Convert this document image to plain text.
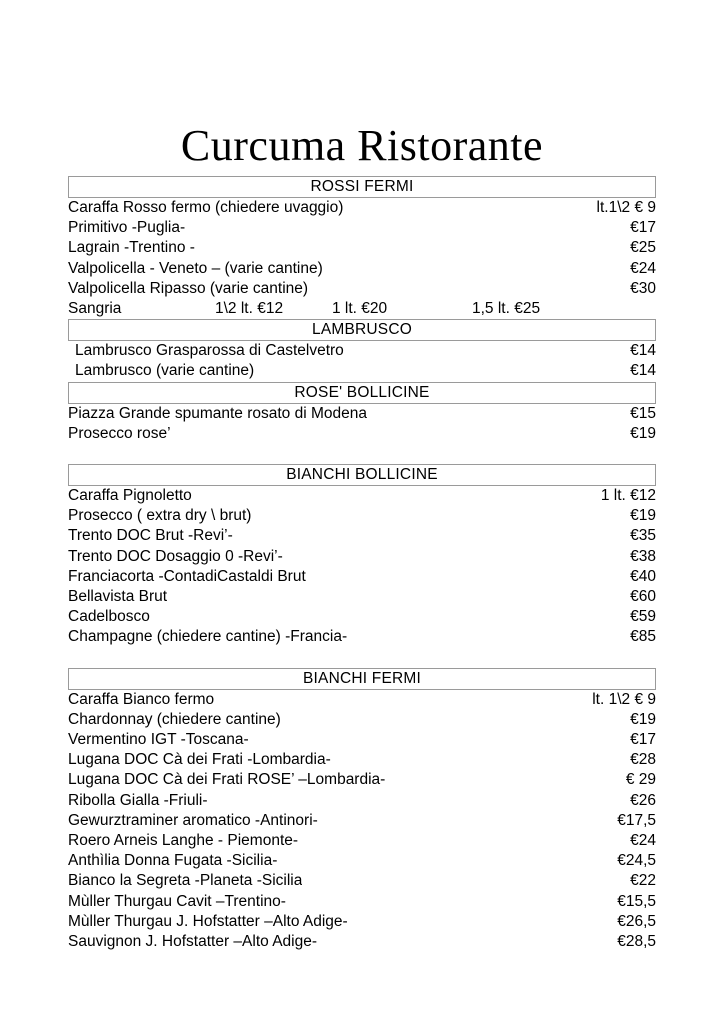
Curcuma Ristorante
ROSSI FERMI
Caraffa Rosso fermo (chiedere uvaggio)	lt.1\2 € 9
Primitivo -Puglia-	€17
Lagrain -Trentino -	€25
Valpolicella - Veneto – (varie cantine)	€24
Valpolicella Ripasso (varie cantine)	€30
Sangria	1\2 lt. €12	1 lt. €20	1,5 lt. €25
LAMBRUSCO
Lambrusco Grasparossa di Castelvetro	€14
Lambrusco (varie cantine)	€14
ROSE' BOLLICINE
Piazza Grande spumante rosato di Modena	€15
Prosecco rose’	€19
BIANCHI BOLLICINE
Caraffa Pignoletto	1 lt. €12
Prosecco ( extra dry \ brut)	€19
Trento DOC Brut -Revi’-	€35
Trento DOC Dosaggio 0 -Revi’-	€38
Franciacorta -ContadiCastaldi Brut	€40
Bellavista Brut	€60
Cadelbosco	€59
Champagne (chiedere cantine) -Francia-	€85
BIANCHI FERMI
Caraffa Bianco fermo	lt. 1\2 € 9
Chardonnay (chiedere cantine)	€19
Vermentino IGT -Toscana-	€17
Lugana DOC Cà dei Frati -Lombardia-	€28
Lugana DOC Cà dei Frati ROSE’ –Lombardia-	€ 29
Ribolla Gialla -Friuli-	€26
Gewurztraminer aromatico -Antinori-	€17,5
Roero Arneis Langhe - Piemonte-	€24
Anthìlia Donna Fugata -Sicilia-	€24,5
Bianco la Segreta -Planeta -Sicilia	€22
Mùller Thurgau Cavit –Trentino-	€15,5
Mùller Thurgau J. Hofstatter –Alto Adige-	€26,5
Sauvignon J. Hofstatter –Alto Adige-	€28,5
